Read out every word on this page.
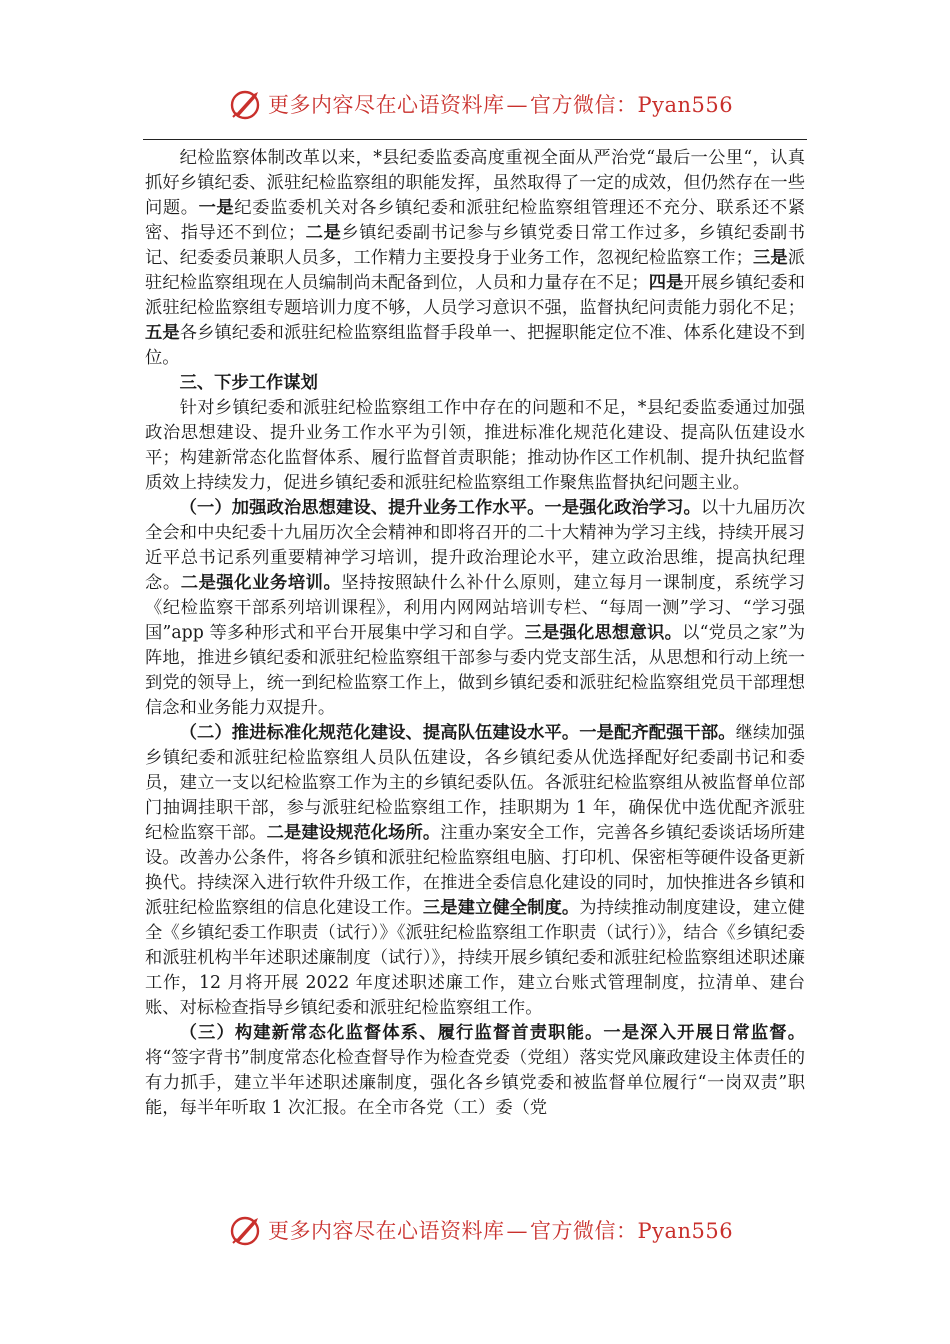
更多内容尽在心语资料库—官方微信：Pyan556

纪检监察体制改革以来，*县纪委监委高度重视全面从严治党“最后一公里“，认真抓好乡镇纪委、派驻纪检监察组的职能发挥，虽然取得了一定的成效，但仍然存在一些问题。一是纪委监委机关对各乡镇纪委和派驻纪检监察组管理还不充分、联系还不紧密、指导还不到位；二是乡镇纪委副书记参与乡镇党委日常工作过多，乡镇纪委副书记、纪委委员兼职人员多，工作精力主要投身于业务工作，忽视纪检监察工作；三是派驻纪检监察组现在人员编制尚未配备到位，人员和力量存在不足；四是开展乡镇纪委和派驻纪检监察组专题培训力度不够，人员学习意识不强，监督执纪问责能力弱化不足；五是各乡镇纪委和派驻纪检监察组监督手段单一、把握职能定位不准、体系化建设不到位。

三、下步工作谋划

针对乡镇纪委和派驻纪检监察组工作中存在的问题和不足，*县纪委监委通过加强政治思想建设、提升业务工作水平为引领，推进标准化规范化建设、提高队伍建设水平；构建新常态化监督体系、履行监督首责职能；推动协作区工作机制、提升执纪监督质效上持续发力，促进乡镇纪委和派驻纪检监察组工作聚焦监督执纪问题主业。

（一）加强政治思想建设、提升业务工作水平。一是强化政治学习。以十九届历次全会和中央纪委十九届历次全会精神和即将召开的二十大精神为学习主线，持续开展习近平总书记系列重要精神学习培训，提升政治理论水平，建立政治思维，提高执纪理念。二是强化业务培训。坚持按照缺什么补什么原则，建立每月一课制度，系统学习《纪检监察干部系列培训课程》，利用内网网站培训专栏、“每周一测”学习、“学习强国”app 等多种形式和平台开展集中学习和自学。三是强化思想意识。以“党员之家”为阵地，推进乡镇纪委和派驻纪检监察组干部参与委内党支部生活，从思想和行动上统一到党的领导上，统一到纪检监察工作上，做到乡镇纪委和派驻纪检监察组党员干部理想信念和业务能力双提升。

（二）推进标准化规范化建设、提高队伍建设水平。一是配齐配强干部。继续加强乡镇纪委和派驻纪检监察组人员队伍建设，各乡镇纪委从优选择配好纪委副书记和委员，建立一支以纪检监察工作为主的乡镇纪委队伍。各派驻纪检监察组从被监督单位部门抽调挂职干部，参与派驻纪检监察组工作，挂职期为 1 年，确保优中选优配齐派驻纪检监察干部。二是建设规范化场所。注重办案安全工作，完善各乡镇纪委谈话场所建设。改善办公条件，将各乡镇和派驻纪检监察组电脑、打印机、保密柜等硬件设备更新换代。持续深入进行软件升级工作，在推进全委信息化建设的同时，加快推进各乡镇和派驻纪检监察组的信息化建设工作。三是建立健全制度。为持续推动制度建设，建立健全《乡镇纪委工作职责（试行）》《派驻纪检监察组工作职责（试行）》，结合《乡镇纪委和派驻机构半年述职述廉制度（试行）》，持续开展乡镇纪委和派驻纪检监察组述职述廉工作，12 月将开展 2022 年度述职述廉工作，建立台账式管理制度，拉清单、建台账、对标检查指导乡镇纪委和派驻纪检监察组工作。

（三）构建新常态化监督体系、履行监督首责职能。一是深入开展日常监督。将“签字背书”制度常态化检查督导作为检查党委（党组）落实党风廉政建设主体责任的有力抓手，建立半年述职述廉制度，强化各乡镇党委和被监督单位履行“一岗双责”职能，每半年听取 1 次汇报。在全市各党（工）委（党

更多内容尽在心语资料库—官方微信：Pyan556
